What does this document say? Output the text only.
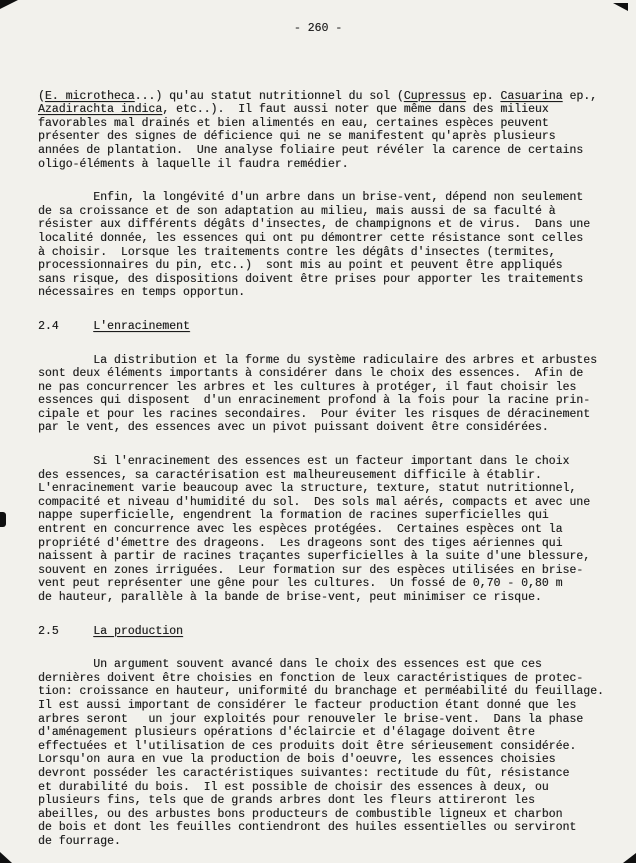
- 260 -
(E. microtheca...) qu'au statut nutritionnel du sol (Cupressus ep. Casuarina ep.,
Azadirachta indica, etc..).  Il faut aussi noter que même dans des milieux
favorables mal drainés et bien alimentés en eau, certaines espèces peuvent
présenter des signes de déficience qui ne se manifestent qu'après plusieurs
années de plantation.  Une analyse foliaire peut révéler la carence de certains
oligo-éléments à laquelle il faudra remédier.
Enfin, la longévité d'un arbre dans un brise-vent, dépend non seulement
de sa croissance et de son adaptation au milieu, mais aussi de sa faculté à
résister aux différents dégâts d'insectes, de champignons et de virus.  Dans une
localité donnée, les essences qui ont pu démontrer cette résistance sont celles
à choisir.  Lorsque les traitements contre les dégâts d'insectes (termites,
processionnaires du pin, etc..)  sont mis au point et peuvent être appliqués
sans risque, des dispositions doivent être prises pour apporter les traitements
nécessaires en temps opportun.
2.4	L'enracinement
La distribution et la forme du système radiculaire des arbres et arbustes
sont deux éléments importants à considérer dans le choix des essences.  Afin de
ne pas concurrencer les arbres et les cultures à protéger, il faut choisir les
essences qui disposent  d'un enracinement profond à la fois pour la racine prin-
cipale et pour les racines secondaires.  Pour éviter les risques de déracinement
par le vent, des essences avec un pivot puissant doivent être considérées.
Si l'enracinement des essences est un facteur important dans le choix
des essences, sa caractérisation est malheureusement difficile à établir.
L'enracinement varie beaucoup avec la structure, texture, statut nutritionnel,
compacité et niveau d'humidité du sol.  Des sols mal aérés, compacts et avec une
nappe superficielle, engendrent la formation de racines superficielles qui
entrent en concurrence avec les espèces protégées.  Certaines espèces ont la
propriété d'émettre des drageons.  Les drageons sont des tiges aériennes qui
naissent à partir de racines traçantes superficielles à la suite d'une blessure,
souvent en zones irriguées.  Leur formation sur des espèces utilisées en brise-
vent peut représenter une gêne pour les cultures.  Un fossé de 0,70 - 0,80 m
de hauteur, parallèle à la bande de brise-vent, peut minimiser ce risque.
2.5	La production
Un argument souvent avancé dans le choix des essences est que ces
dernières doivent être choisies en fonction de leux caractéristiques de protec-
tion: croissance en hauteur, uniformité du branchage et perméabilité du feuillage.
Il est aussi important de considérer le facteur production étant donné que les
arbres seront   un jour exploités pour renouveler le brise-vent.  Dans la phase
d'aménagement plusieurs opérations d'éclaircie et d'élagage doivent être
effectuées et l'utilisation de ces produits doit être sérieusement considérée.
Lorsqu'on aura en vue la production de bois d'oeuvre, les essences choisies
devront posséder les caractéristiques suivantes: rectitude du fût, résistance
et durabilité du bois.  Il est possible de choisir des essences à deux, ou
plusieurs fins, tels que de grands arbres dont les fleurs attireront les
abeilles, ou des arbustes bons producteurs de combustible ligneux et charbon
de bois et dont les feuilles contiendront des huiles essentielles ou serviront
de fourrage.
